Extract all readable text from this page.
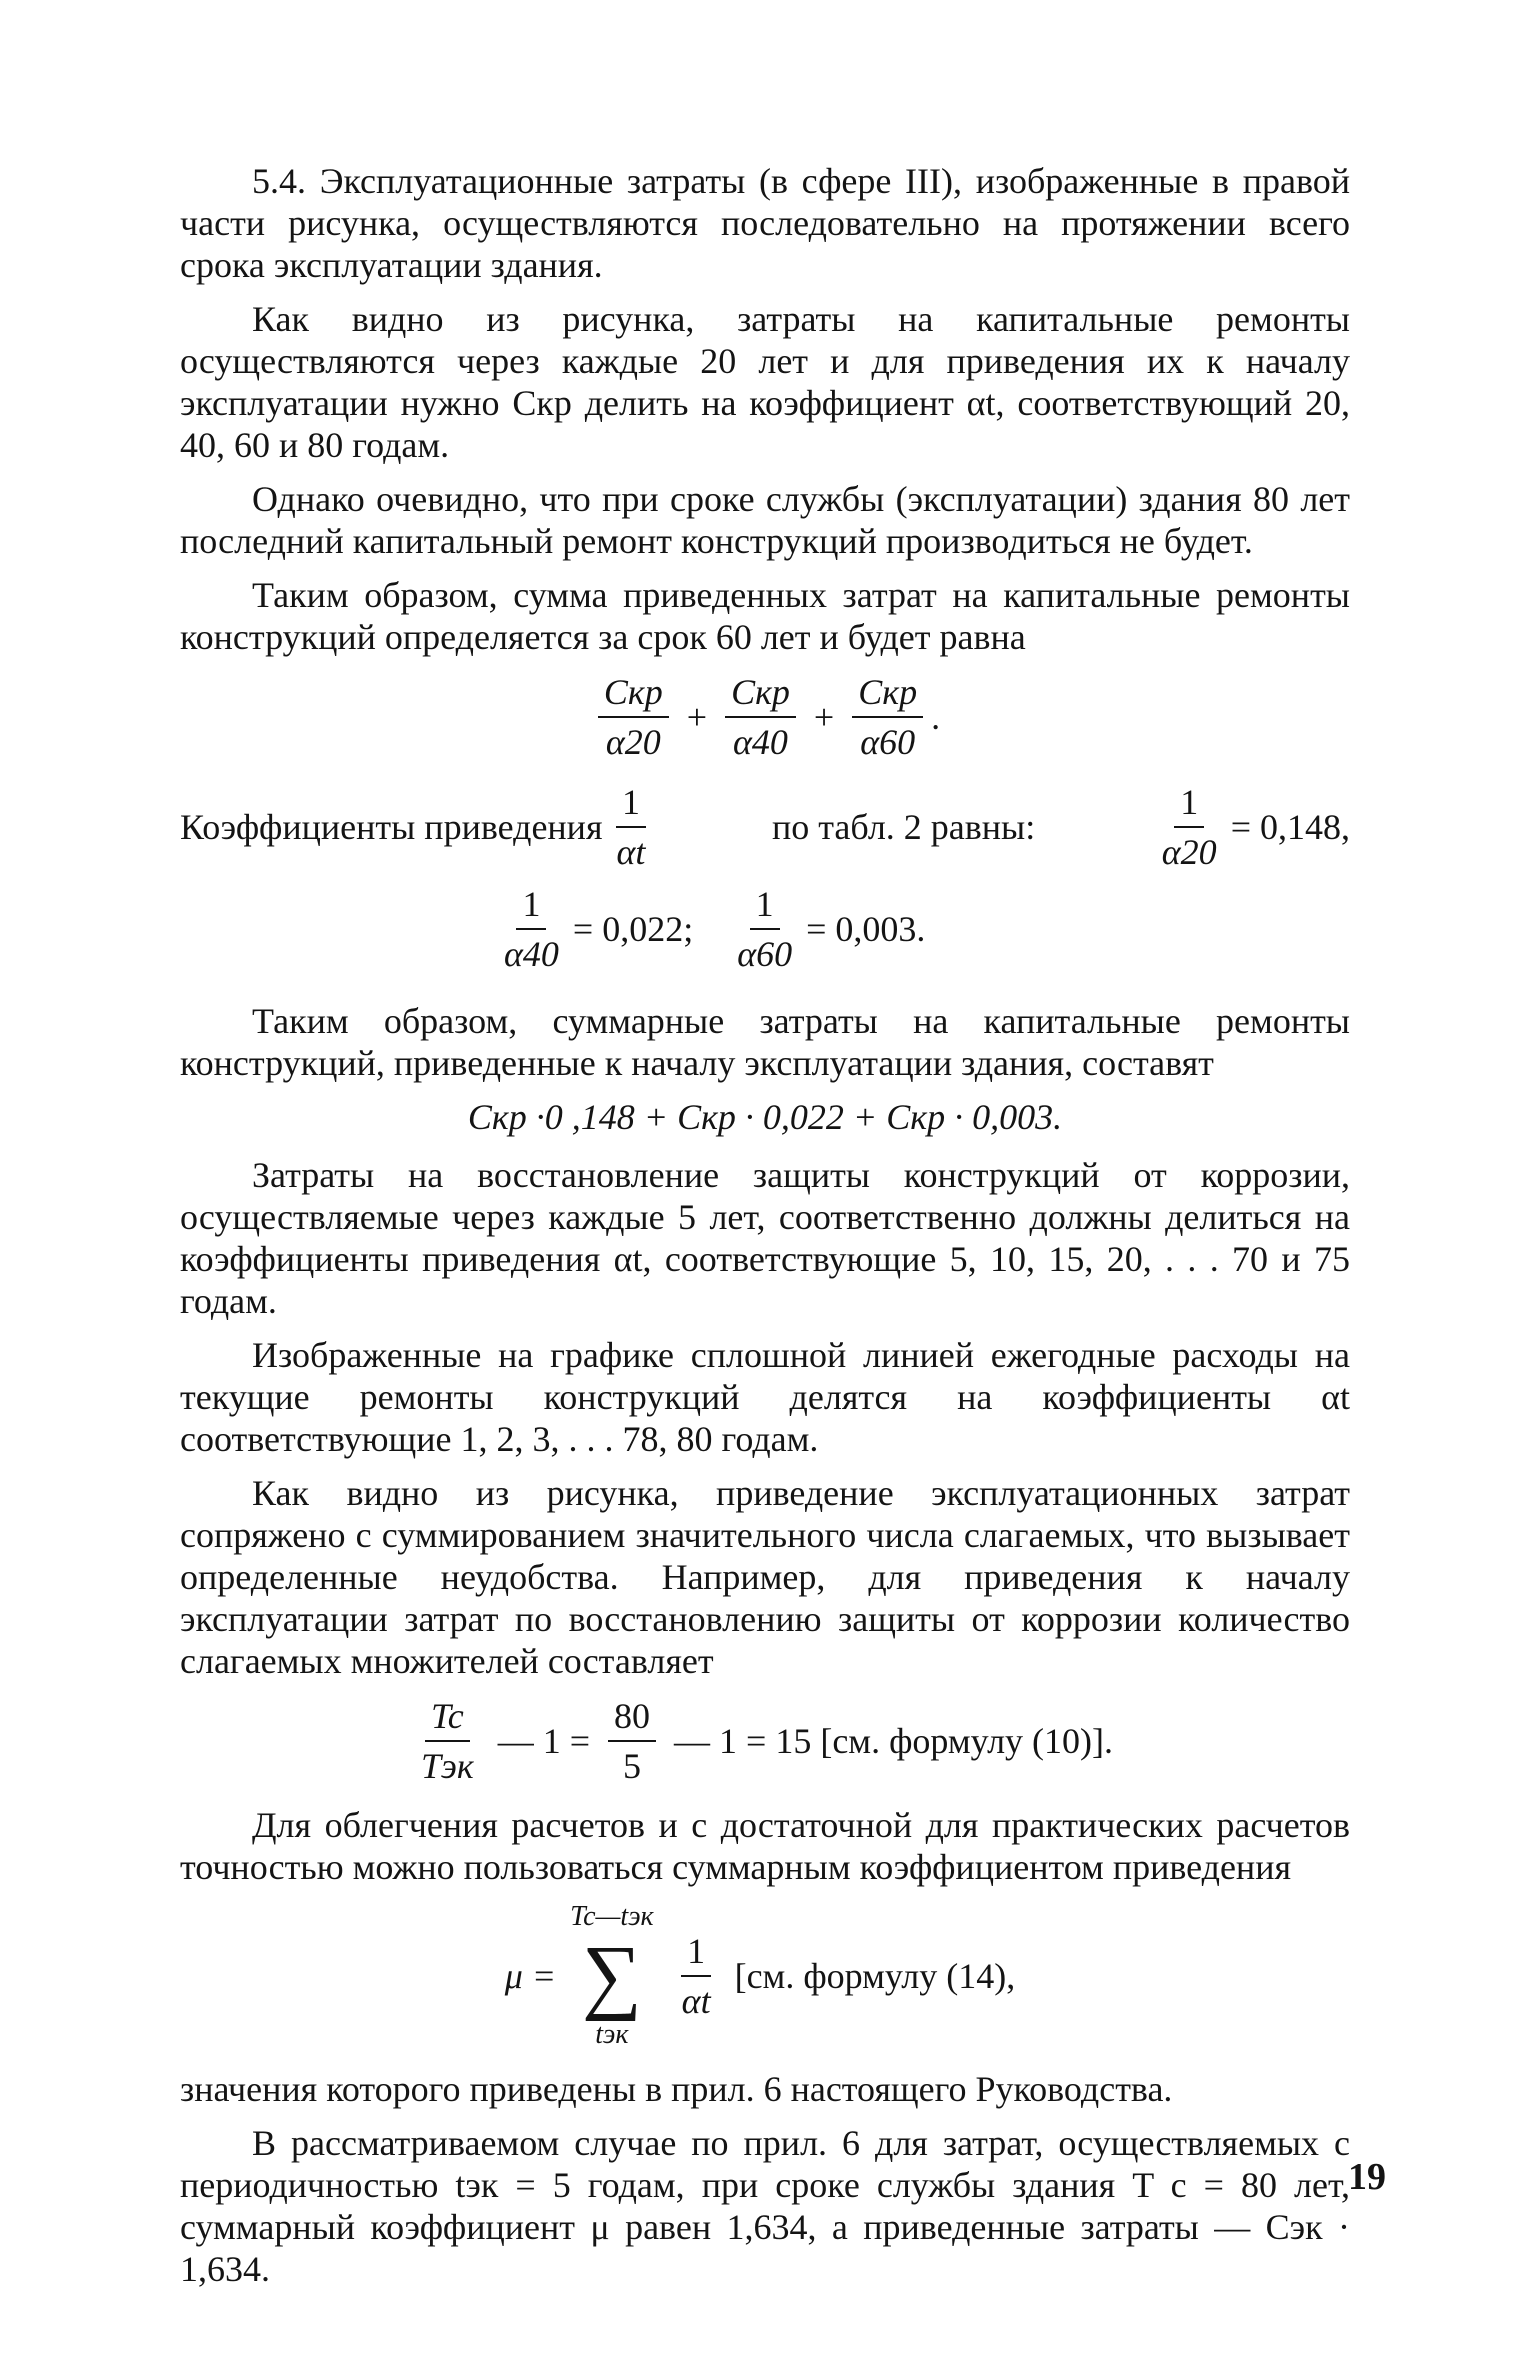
5.4. Эксплуатационные затраты (в сфере III), изображенные в правой части рисунка, осуществляются последовательно на протяжении всего срока эксплуатации здания.

Как видно из рисунка, затраты на капитальные ремонты осуществляются через каждые 20 лет и для приведения их к началу эксплуатации нужно Cкр делить на коэффициент αt, соответствующий 20, 40, 60 и 80 годам.

Однако очевидно, что при сроке службы (эксплуатации) здания 80 лет последний капитальный ремонт конструкций производиться не будет.

Таким образом, сумма приведенных затрат на капитальные ремонты конструкций определяется за срок 60 лет и будет равна

$\frac{\text{Cкр}}{\alpha 20} + \frac{\text{Cкр}}{\alpha 40} + \frac{\text{Cкр}}{\alpha 60}$ .
Коэффициенты приведения $\frac{1}{\alpha t}$	по табл. 2 равны:	$\frac{1}{\alpha 20} = 0,148$,
$\frac{1}{\alpha 40} = 0,022$; $\frac{1}{\alpha 60} = 0,003$.

Таким образом, суммарные затраты на капитальные ремонты конструкций, приведенные к началу эксплуатации здания, составят

Cкр ·0 ,148 + Cкр · 0,022 + Cкр · 0,003.

Затраты на восстановление защиты конструкций от коррозии, осуществляемые через каждые 5 лет, соответственно должны делиться на коэффициенты приведения αt, соответствующие 5, 10, 15, 20, . . . 70 и 75 годам.

Изображенные на графике сплошной линией ежегодные расходы на текущие ремонты конструкций делятся на коэффициенты αt соответствующие 1, 2, 3, . . . 78, 80 годам.

Как видно из рисунка, приведение эксплуатационных затрат сопряжено с суммированием значительного числа слагаемых, что вызывает определенные неудобства. Например, для приведения к началу эксплуатации затрат по восстановлению защиты от коррозии количество слагаемых множителей составляет

$\frac{Tc}{\text{Tэк}}$ — $1 = \frac{80}{5}$ — 1 = 15 [см. формулу (10)].

Для облегчения расчетов и с достаточной для практических расчетов точностью можно пользоваться суммарным коэффициентом приведения

μ =
Tc—tэк
∑
tэк
$\frac{1}{\alpha t} [см$. формулу (14),

значения которого приведены в прил. 6 настоящего Руководства.

В рассматриваемом случае по прил. 6 для затрат, осуществляемых с периодичностью tэк = 5 годам, при сроке службы здания T с = 80 лет, суммарный коэффициент μ равен 1,634, а приведенные затраты — Cэк · 1,634.

19
